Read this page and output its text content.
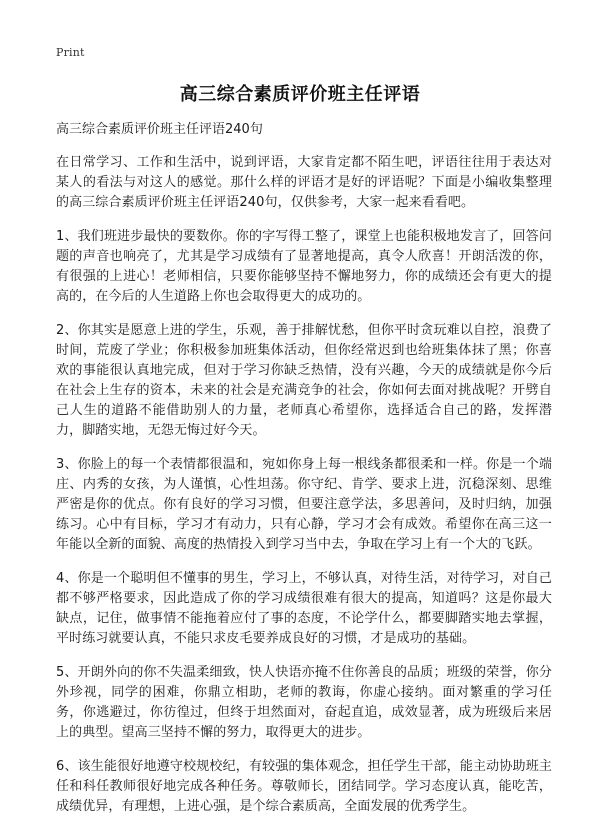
Print
高三综合素质评价班主任评语

高三综合素质评价班主任评语240句

在日常学习、工作和生活中，说到评语，大家肯定都不陌生吧，评语往往用于表达对某人的看法与对这人的感觉。那什么样的评语才是好的评语呢？下面是小编收集整理的高三综合素质评价班主任评语240句，仅供参考，大家一起来看看吧。

1、我们班进步最快的要数你。你的字写得工整了，课堂上也能积极地发言了，回答问题的声音也响亮了，尤其是学习成绩有了显著地提高，真令人欣喜！开朗活泼的你，有很强的上进心！老师相信，只要你能够坚持不懈地努力，你的成绩还会有更大的提高的，在今后的人生道路上你也会取得更大的成功的。

2、你其实是愿意上进的学生，乐观，善于排解忧愁，但你平时贪玩难以自控，浪费了时间，荒废了学业；你积极参加班集体活动，但你经常迟到也给班集体抹了黑；你喜欢的事能很认真地完成，但对于学习你缺乏热情，没有兴趣，今天的成绩就是你今后在社会上生存的资本，未来的社会是充满竞争的社会，你如何去面对挑战呢？开劈自己人生的道路不能借助别人的力量，老师真心希望你，选择适合自己的路，发挥潜力，脚踏实地，无怨无悔过好今天。

3、你脸上的每一个表情都很温和，宛如你身上每一根线条都很柔和一样。你是一个端庄、内秀的女孩，为人谨慎，心性坦荡。你守纪、肯学、要求上进，沉稳深刻、思维严密是你的优点。你有良好的学习习惯，但要注意学法，多思善问，及时归纳，加强练习。心中有目标，学习才有动力，只有心静，学习才会有成效。希望你在高三这一年能以全新的面貌、高度的热情投入到学习当中去，争取在学习上有一个大的飞跃。

4、你是一个聪明但不懂事的男生，学习上，不够认真，对待生活，对待学习，对自己都不够严格要求，因此造成了你的学习成绩很难有很大的提高，知道吗？这是你最大缺点，记住，做事情不能拖着应付了事的态度，不论学什么，都要脚踏实地去掌握，平时练习就要认真，不能只求皮毛要养成良好的习惯，才是成功的基础。

5、开朗外向的你不失温柔细致，快人快语亦掩不住你善良的品质；班级的荣誉，你分外珍视，同学的困难，你鼎立相助，老师的教诲，你虚心接纳。面对繁重的学习任务，你逃避过，你彷徨过，但终于坦然面对，奋起直追，成效显著，成为班级后来居上的典型。望高三坚持不懈的努力，取得更大的进步。

6、该生能很好地遵守校规校纪，有较强的集体观念，担任学生干部，能主动协助班主任和科任教师很好地完成各种任务。尊敬师长，团结同学。学习态度认真，能吃苦，成绩优异，有理想，上进心强，是个综合素质高，全面发展的优秀学生。
